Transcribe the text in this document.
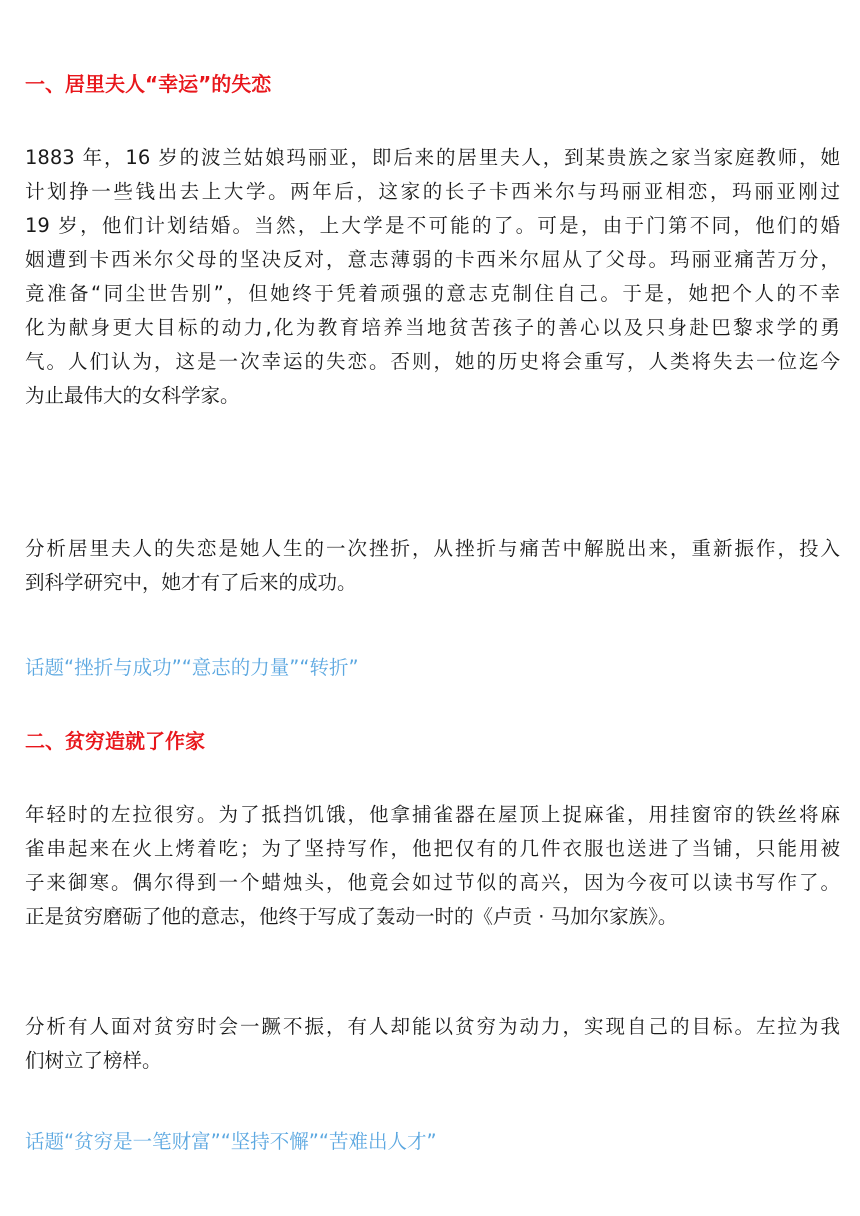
一、居里夫人“幸运”的失恋
1883 年，16 岁的波兰姑娘玛丽亚，即后来的居里夫人，到某贵族之家当家庭教师，她
计划挣一些钱出去上大学。两年后，这家的长子卡西米尔与玛丽亚相恋，玛丽亚刚过
19 岁，他们计划结婚。当然，上大学是不可能的了。可是，由于门第不同，他们的婚
姻遭到卡西米尔父母的坚决反对，意志薄弱的卡西米尔屈从了父母。玛丽亚痛苦万分，
竟准备“同尘世告别”，但她终于凭着顽强的意志克制住自己。于是，她把个人的不幸
化为献身更大目标的动力,化为教育培养当地贫苦孩子的善心以及只身赴巴黎求学的勇
气。人们认为，这是一次幸运的失恋。否则，她的历史将会重写，人类将失去一位迄今
为止最伟大的女科学家。
分析居里夫人的失恋是她人生的一次挫折，从挫折与痛苦中解脱出来，重新振作，投入
到科学研究中，她才有了后来的成功。
话题“挫折与成功”“意志的力量”“转折”
二、贫穷造就了作家
年轻时的左拉很穷。为了抵挡饥饿，他拿捕雀器在屋顶上捉麻雀，用挂窗帘的铁丝将麻
雀串起来在火上烤着吃；为了坚持写作，他把仅有的几件衣服也送进了当铺，只能用被
子来御寒。偶尔得到一个蜡烛头，他竟会如过节似的高兴，因为今夜可以读书写作了。
正是贫穷磨砺了他的意志，他终于写成了轰动一时的《卢贡 · 马加尔家族》。
分析有人面对贫穷时会一蹶不振，有人却能以贫穷为动力，实现自己的目标。左拉为我
们树立了榜样。
话题“贫穷是一笔财富”“坚持不懈”“苦难出人才”
